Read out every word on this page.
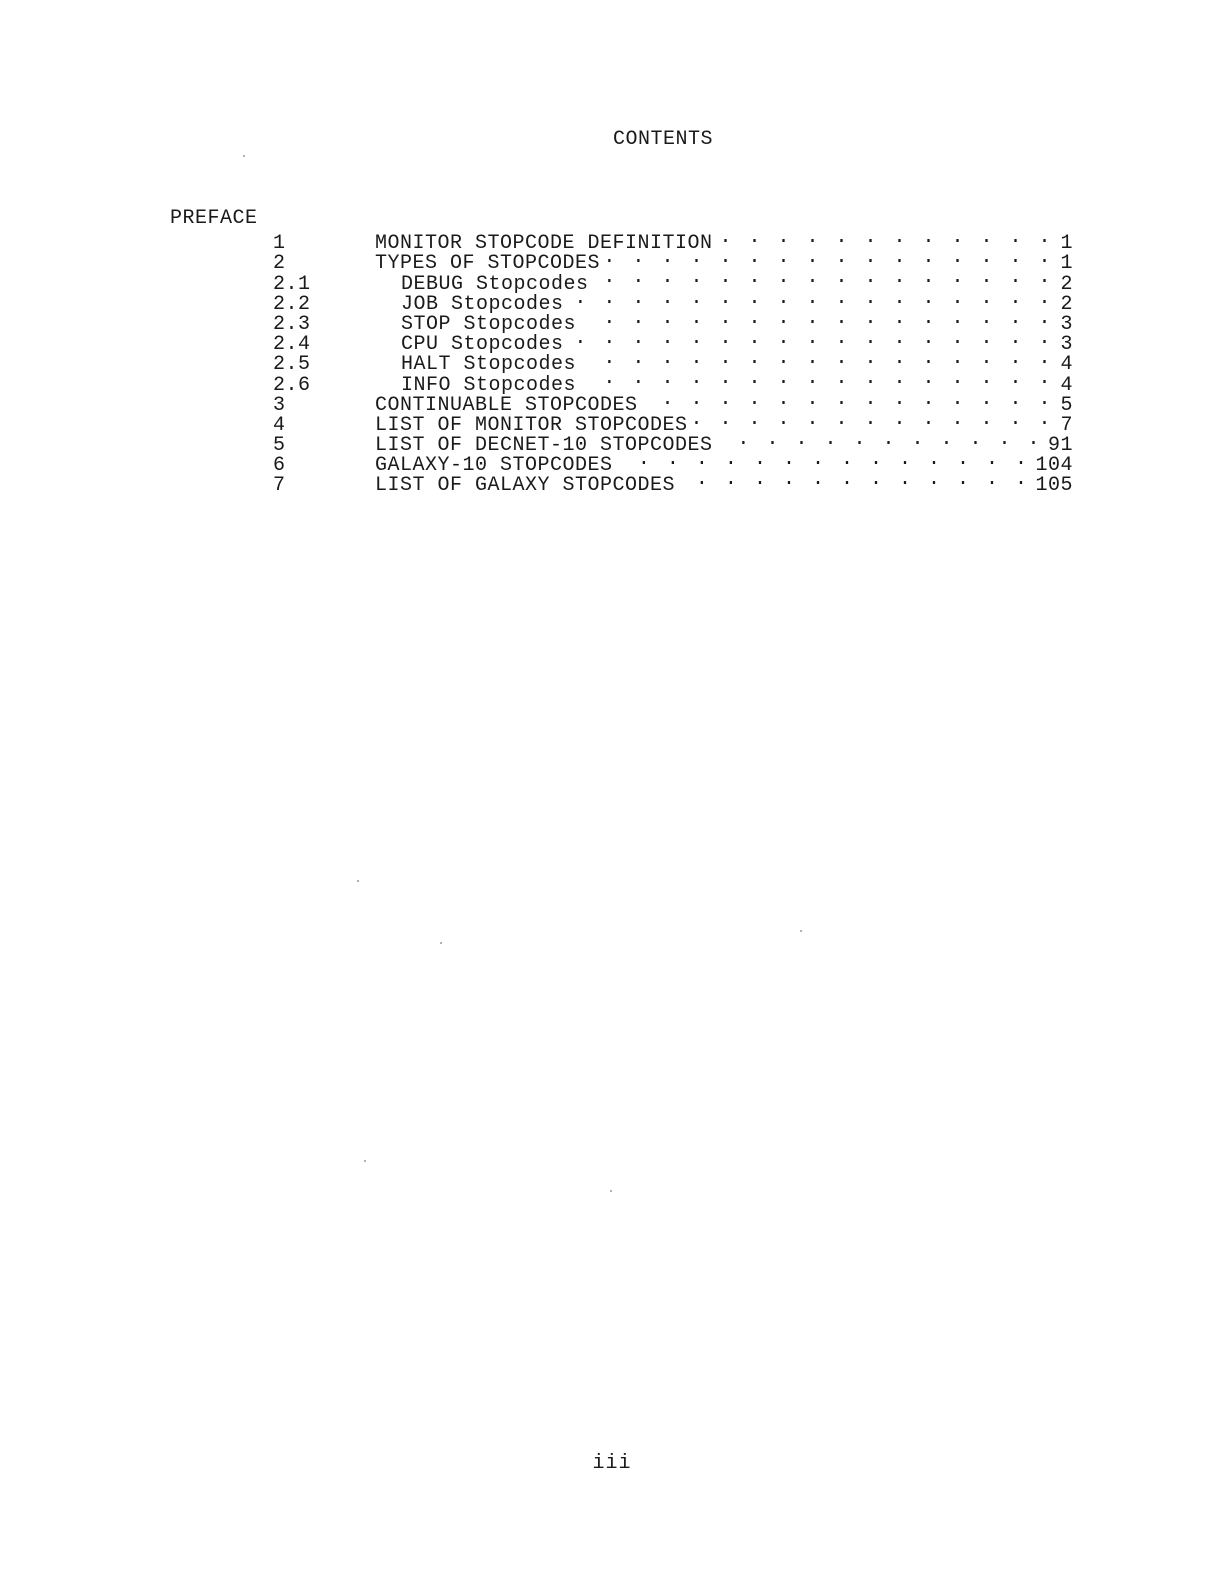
CONTENTS
PREFACE
1	MONITOR STOPCODE DEFINITION . . .	1
2	TYPES OF STOPCODES . . .	1
2.1	DEBUG Stopcodes . . .	2
2.2	JOB Stopcodes . . .	2
2.3	STOP Stopcodes . . .	3
2.4	CPU Stopcodes . . .	3
2.5	HALT Stopcodes . . .	4
2.6	INFO Stopcodes . . .	4
3	CONTINUABLE STOPCODES . . .	5
4	LIST OF MONITOR STOPCODES . . .	7
5	LIST OF DECNET-10 STOPCODES . . .	91
6	GALAXY-10 STOPCODES . . .	104
7	LIST OF GALAXY STOPCODES . . .	105
iii
